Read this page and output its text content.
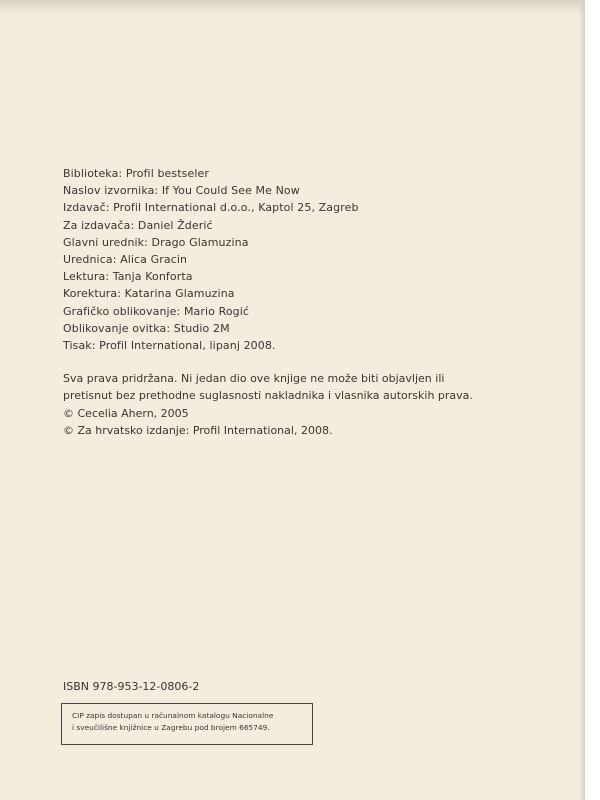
Biblioteka: Profil bestseler
Naslov izvornika: If You Could See Me Now
Izdavač: Profil International d.o.o., Kaptol 25, Zagreb
Za izdavača: Daniel Žderić
Glavni urednik: Drago Glamuzina
Urednica: Alica Gracin
Lektura: Tanja Konforta
Korektura: Katarina Glamuzina
Grafičko oblikovanje: Mario Rogić
Oblikovanje ovitka: Studio 2M
Tisak: Profil International, lipanj 2008.
Sva prava pridržana. Ni jedan dio ove knjige ne može biti objavljen ili
pretisnut bez prethodne suglasnosti nakladnika i vlasnika autorskih prava.
© Cecelia Ahern, 2005
© Za hrvatsko izdanje: Profil International, 2008.
ISBN 978-953-12-0806-2
CIP zapis dostupan u računalnom katalogu Nacionalne
i sveučilišne knjižnice u Zagrebu pod brojem 665749.
